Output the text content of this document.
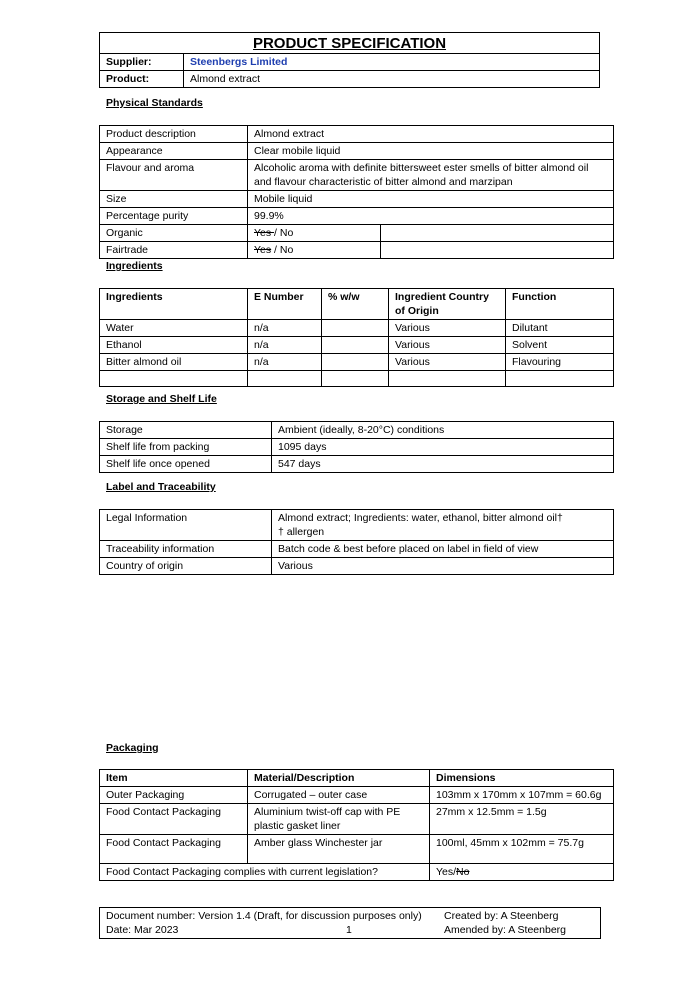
PRODUCT SPECIFICATION	
Supplier:	Steenbergs Limited
Product:	Almond extract
Physical Standards
Product description	Almond extract	
Appearance	Clear mobile liquid	
Flavour and aroma	Alcoholic aroma with definite bittersweet ester smells of bitter almond oil and flavour characteristic of bitter almond and marzipan	
Size	Mobile liquid	
Percentage purity	99.9%	
Organic	Yes / No	
Fairtrade	Yes / No	
Ingredients
Ingredients	E Number	% w/w	Ingredient Country of Origin	Function
Water	n/a		Various	Dilutant
Ethanol	n/a		Various	Solvent
Bitter almond oil	n/a		Various	Flavouring

Storage and Shelf Life
Storage	Ambient (ideally, 8-20°C) conditions
Shelf life from packing	1095 days
Shelf life once opened	547 days
Label and Traceability
Legal Information	Almond extract; Ingredients: water, ethanol, bitter almond oil†
† allergen

Traceability information	Batch code & best before placed on label in field of view
Country of origin	Various
Packaging
Item	Material/Description	Dimensions
Outer Packaging	Corrugated – outer case	103mm x 170mm x 107mm = 60.6g
Food Contact Packaging	Aluminium twist-off cap with PE plastic gasket liner	27mm x 12.5mm = 1.5g
Food Contact Packaging	Amber glass Winchester jar	100ml, 45mm x 102mm = 75.7g
Food Contact Packaging complies with current legislation?		Yes/No
Document number: Version 1.4 (Draft, for discussion purposes only)
Date: Mar 2023	1

Created by: A Steenberg
Amended by: A Steenberg
